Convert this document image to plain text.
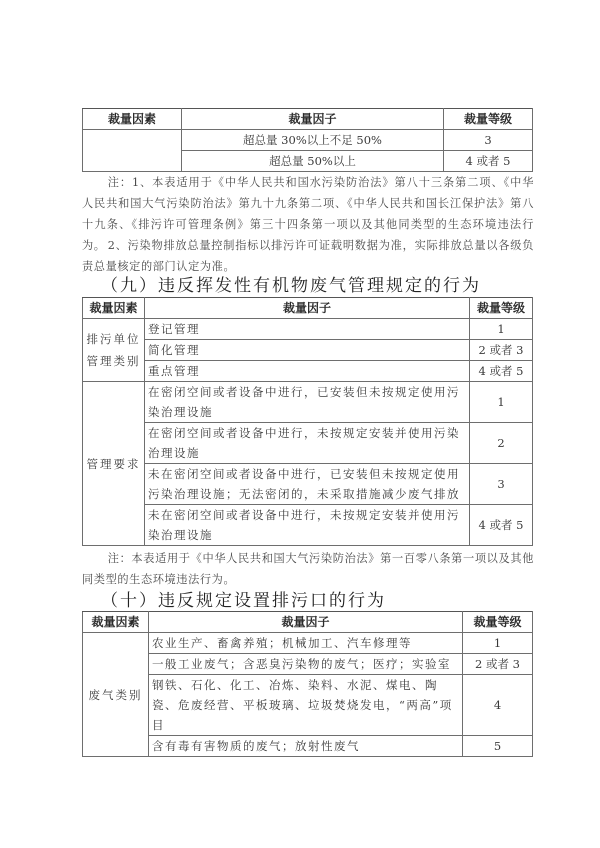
裁量因素	裁量因子	裁量等级
	超总量 30%以上不足 50%	3
	超总量 50%以上	4 或者 5

注：1、本表适用于《中华人民共和国水污染防治法》第八十三条第二项、《中华人民共和国大气污染防治法》第九十九条第二项、《中华人民共和国长江保护法》第八十九条、《排污许可管理条例》第三十四条第一项以及其他同类型的生态环境违法行为。 2、污染物排放总量控制指标以排污许可证载明数据为准，实际排放总量以各级负责总量核定的部门认定为准。

（九）违反挥发性有机物废气管理规定的行为
裁量因素	裁量因子	裁量等级
排污单位管理类别	登记管理	1
	简化管理	2 或者 3
	重点管理	4 或者 5
管理要求	在密闭空间或者设备中进行，已安装但未按规定使用污染治理设施	1
	在密闭空间或者设备中进行，未按规定安装并使用污染治理设施	2
	未在密闭空间或者设备中进行，已安装但未按规定使用污染治理设施；无法密闭的，未采取措施减少废气排放	3
	未在密闭空间或者设备中进行，未按规定安装并使用污染治理设施	4 或者 5

注：本表适用于《中华人民共和国大气污染防治法》第一百零八条第一项以及其他同类型的生态环境违法行为。

（十）违反规定设置排污口的行为
裁量因素	裁量因子	裁量等级
废气类别	农业生产、畜禽养殖；机械加工、汽车修理等	1
	一般工业废气；含恶臭污染物的废气；医疗；实验室	2 或者 3
	钢铁、石化、化工、冶炼、染料、水泥、煤电、陶瓷、危废经营、平板玻璃、垃圾焚烧发电，“两高”项目	4
	含有毒有害物质的废气；放射性废气	5
